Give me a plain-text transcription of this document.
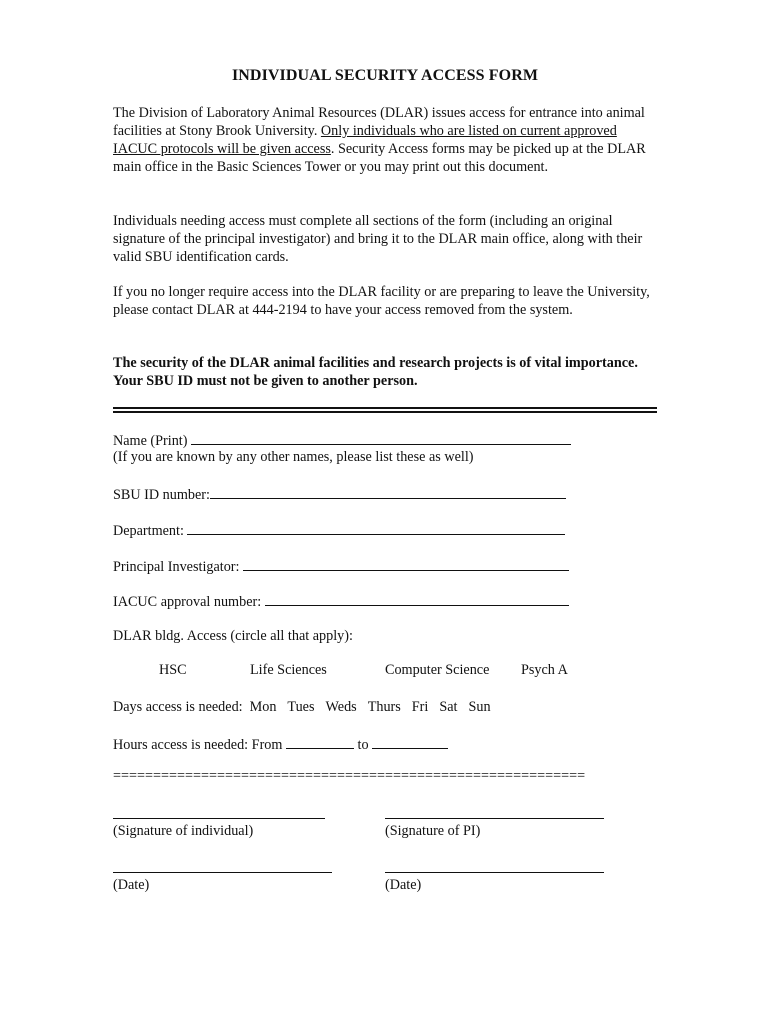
INDIVIDUAL SECURITY ACCESS FORM
The Division of Laboratory Animal Resources (DLAR) issues access for entrance into animal facilities at Stony Brook University. Only individuals who are listed on current approved IACUC protocols will be given access. Security Access forms may be picked up at the DLAR main office in the Basic Sciences Tower or you may print out this document.
Individuals needing access must complete all sections of the form (including an original signature of the principal investigator) and bring it to the DLAR main office, along with their valid SBU identification cards.
If you no longer require access into the DLAR facility or are preparing to leave the University, please contact DLAR at 444-2194 to have your access removed from the system.
The security of the DLAR animal facilities and research projects is of vital importance. Your SBU ID must not be given to another person.
Name (Print)
(If you are known by any other names, please list these as well)
SBU ID number:
Department:
Principal Investigator:
IACUC approval number:
DLAR bldg. Access (circle all that apply):
HSC	Life Sciences	Computer Science Psych A
Days access is needed: Mon Tues Weds Thurs Fri Sat Sun
Hours access is needed: From	to
===========================================================
(Signature of individual)	(Signature of PI)
(Date)	(Date)
